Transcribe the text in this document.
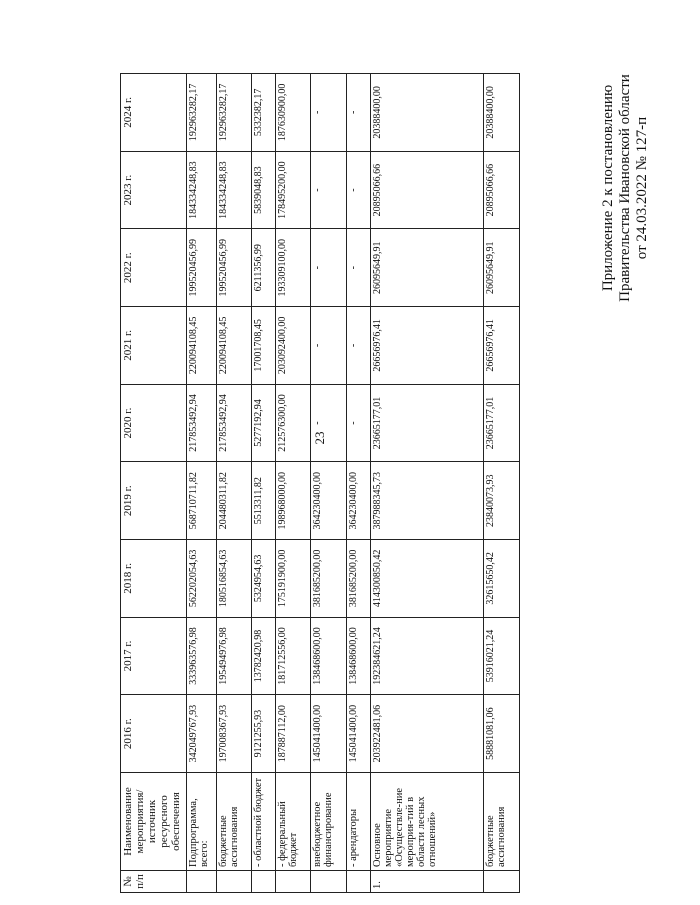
23
Приложение 2 к постановлению Правительства Ивановской области от 24.03.2022 № 127-п
№ п/п	Наименование мероприятия/ источник ресурсного обеспечения	2016 г.	2017 г.	2018 г.	2019 г.	2020 г.	2021 г.	2022 г.	2023 г.	2024 г.
	Подпрограмма, всего:	342049767,93	333963576,98	562202054,63	568710711,82	217853492,94	220094108,45	199520456,99	184334248,83	192963282,17
	бюджетные ассигнования	197008367,93	195494976,98	180516854,63	204480311,82	217853492,94	220094108,45	199520456,99	184334248,83	192963282,17
	- областной бюджет	9121255,93	13782420,98	5324954,63	5513311,82	5277192,94	17001708,45	6211356,99	5839048,83	5332382,17
	- федеральный бюджет	187887112,00	181712556,00	175191900,00	198968000,00	212576300,00	203092400,00	193309100,00	178495200,00	187630900,00
	внебюджетное финансирование	145041400,00	138468600,00	381685200,00	364230400,00	-	-	-	-	-
	- арендаторы	145041400,00	138468600,00	381685200,00	364230400,00	-	-	-	-	-
1.	Основное мероприятие «Осуществле-ние мероприя-тий в области лесных отношений»	203922481,06	192384621,24	414300850,42	387988345,73	23665177,01	26656976,41	26095649,91	20895066,66	20388400,00
	бюджетные ассигнования	58881081,06	53916021,24	32615650,42	23840073,93	23665177,01	26656976,41	26095649,91	20895066,66	20388400,00
